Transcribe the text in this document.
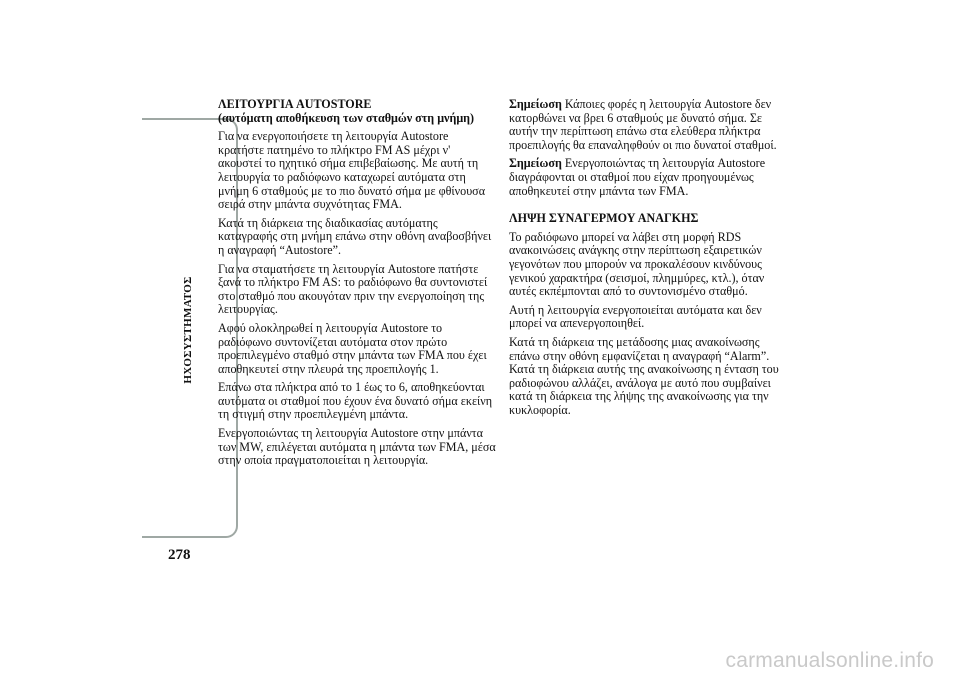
ΗΧΟΣΥΣΤΗΜΑΤΟΣ
278
ΛΕΙΤΟΥΡΓΙΑ AUTOSTORE
(αυτόματη αποθήκευση των σταθμών στη μνήμη)

Για να ενεργοποιήσετε τη λειτουργία Autostore κρατήστε πατημένο το πλήκτρο FM AS μέχρι ν' ακουστεί το ηχητικό σήμα επιβεβαίωσης. Με αυτή τη λειτουργία το ραδιόφωνο καταχωρεί αυτόματα στη μνήμη 6 σταθμούς με το πιο δυνατό σήμα με φθίνουσα σειρά στην μπάντα συχνότητας FMA.

Κατά τη διάρκεια της διαδικασίας αυτόματης καταγραφής στη μνήμη επάνω στην οθόνη αναβοσβήνει η αναγραφή “Autostore”.

Για να σταματήσετε τη λειτουργία Autostore πατήστε ξανά το πλήκτρο FM AS: το ραδιόφωνο θα συντονιστεί στο σταθμό που ακουγόταν πριν την ενεργοποίηση της λειτουργίας.

Αφού ολοκληρωθεί η λειτουργία Autostore το ραδιόφωνο συντονίζεται αυτόματα στον πρώτο προεπιλεγμένο σταθμό στην μπάντα των FMA που έχει αποθηκευτεί στην πλευρά της προεπιλογής 1.

Επάνω στα πλήκτρα από το 1 έως το 6, αποθηκεύονται αυτόματα οι σταθμοί που έχουν ένα δυνατό σήμα εκείνη τη στιγμή στην προεπιλεγμένη μπάντα.

Ενεργοποιώντας τη λειτουργία Autostore στην μπάντα των MW, επιλέγεται αυτόματα η μπάντα των FMA, μέσα στην οποία πραγματοποιείται η λειτουργία.

Σημείωση Κάποιες φορές η λειτουργία Autostore δεν κατορθώνει να βρει 6 σταθμούς με δυνατό σήμα. Σε αυτήν την περίπτωση επάνω στα ελεύθερα πλήκτρα προεπιλογής θα επαναληφθούν οι πιο δυνατοί σταθμοί.

Σημείωση Ενεργοποιώντας τη λειτουργία Autostore διαγράφονται οι σταθμοί που είχαν προηγουμένως αποθηκευτεί στην μπάντα των FMA.

ΛΗΨΗ ΣΥΝΑΓΕΡΜΟΥ ΑΝΑΓΚΗΣ

Το ραδιόφωνο μπορεί να λάβει στη μορφή RDS ανακοινώσεις ανάγκης στην περίπτωση εξαιρετικών γεγονότων που μπορούν να προκαλέσουν κινδύνους γενικού χαρακτήρα (σεισμοί, πλημμύρες, κτλ.), όταν αυτές εκπέμπονται από το συντονισμένο σταθμό.

Αυτή η λειτουργία ενεργοποιείται αυτόματα και δεν μπορεί να απενεργοποιηθεί.

Κατά τη διάρκεια της μετάδοσης μιας ανακοίνωσης επάνω στην οθόνη εμφανίζεται η αναγραφή “Alarm”. Κατά τη διάρκεια αυτής της ανακοίνωσης η ένταση του ραδιοφώνου αλλάζει, ανάλογα με αυτό που συμβαίνει κατά τη διάρκεια της λήψης της ανακοίνωσης για την κυκλοφορία.

carmanualsonline.info
